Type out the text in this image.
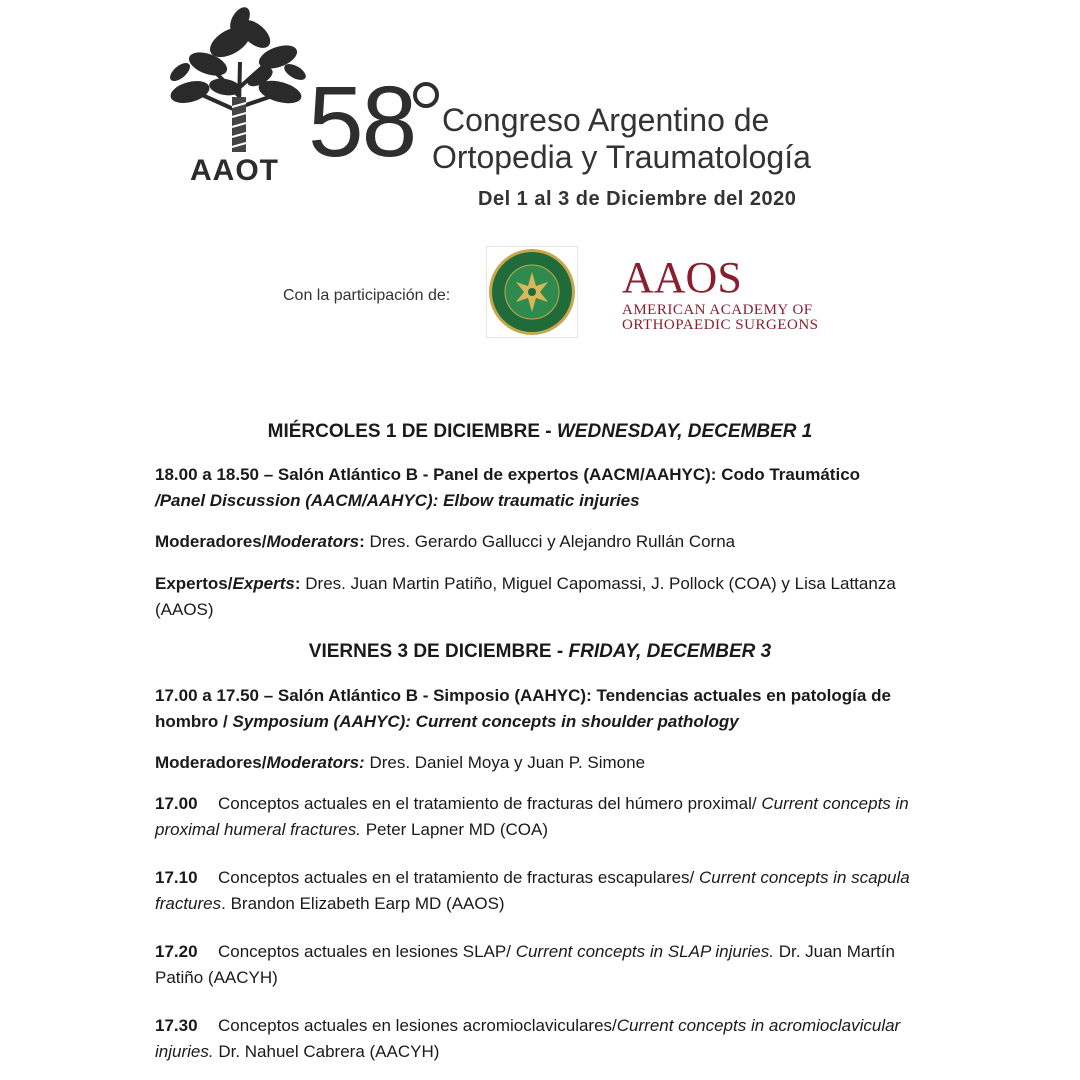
AAOT 58 Congreso Argentino de
Ortopedia y Traumatología
Del 1 al 3 de Diciembre del 2020
Con la participación de:	AAOS
AMERICAN ACADEMY OF
ORTHOPAEDIC SURGEONS
MIÉRCOLES 1 DE DICIEMBRE - WEDNESDAY, DECEMBER 1
18.00 a 18.50 – Salón Atlántico B - Panel de expertos (AACM/AAHYC): Codo Traumático
/Panel Discussion (AACM/AAHYC): Elbow traumatic injuries
Moderadores/Moderators: Dres. Gerardo Gallucci y Alejandro Rullán Corna
Expertos/Experts: Dres. Juan Martin Patiño, Miguel Capomassi, J. Pollock (COA) y Lisa Lattanza (AAOS)
VIERNES 3 DE DICIEMBRE - FRIDAY, DECEMBER 3
17.00 a 17.50 – Salón Atlántico B - Simposio (AAHYC): Tendencias actuales en patología de hombro / Symposium (AAHYC): Current concepts in shoulder pathology
Moderadores/Moderators: Dres. Daniel Moya y Juan P. Simone
17.00 Conceptos actuales en el tratamiento de fracturas del húmero proximal/ Current concepts in proximal humeral fractures. Peter Lapner MD (COA)
17.10 Conceptos actuales en el tratamiento de fracturas escapulares/ Current concepts in scapula fractures. Brandon Elizabeth Earp MD (AAOS)
17.20 Conceptos actuales en lesiones SLAP/ Current concepts in SLAP injuries. Dr. Juan Martín Patiño (AACYH)
17.30 Conceptos actuales en lesiones acromioclaviculares/Current concepts in acromioclavicular injuries. Dr. Nahuel Cabrera (AACYH)
